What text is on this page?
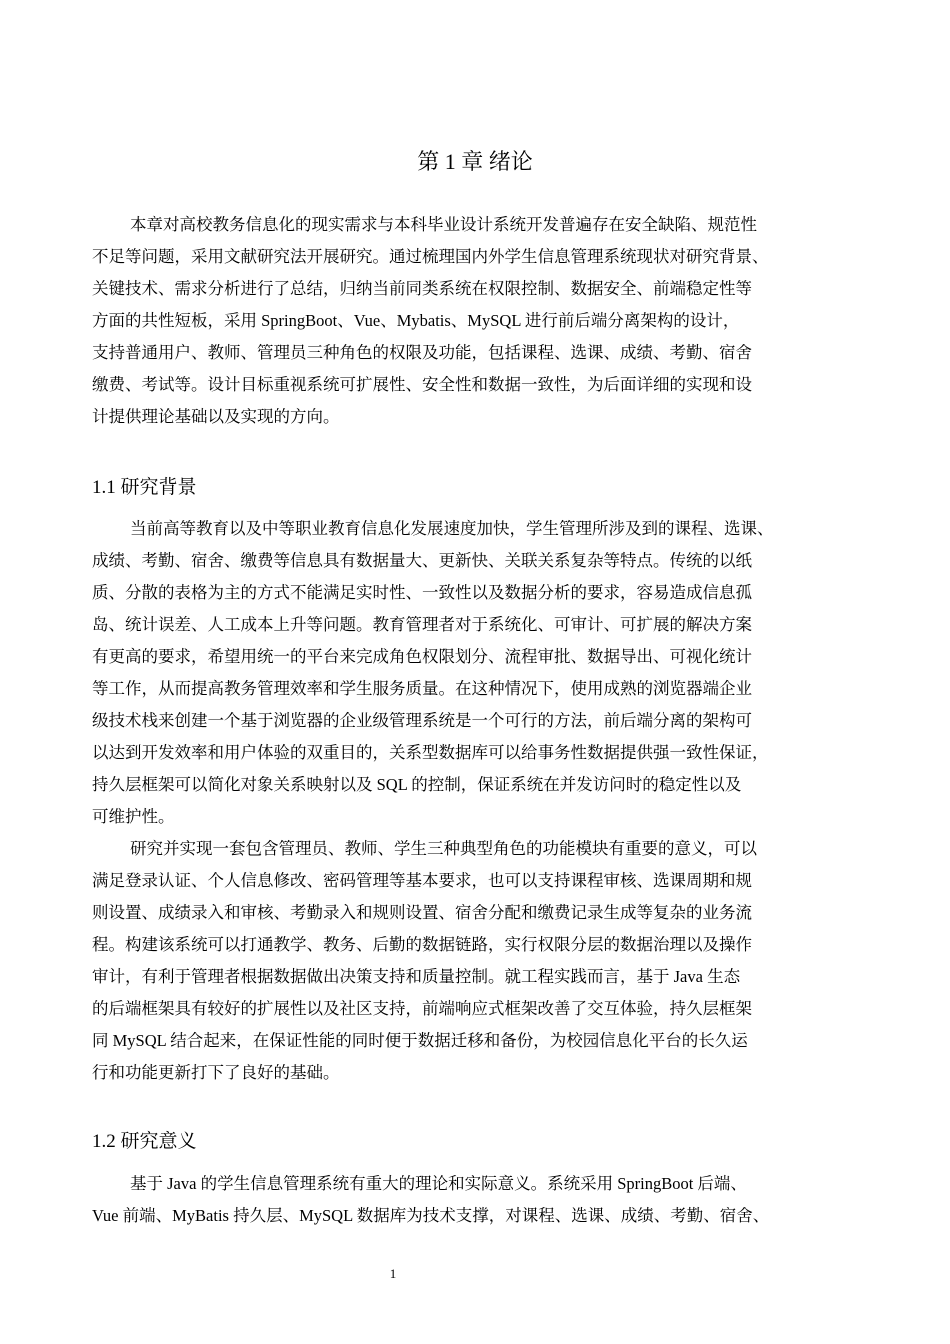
第 1 章 绪论
本章对高校教务信息化的现实需求与本科毕业设计系统开发普遍存在安全缺陷、规范性
不足等问题，采用文献研究法开展研究。通过梳理国内外学生信息管理系统现状对研究背景、
关键技术、需求分析进行了总结，归纳当前同类系统在权限控制、数据安全、前端稳定性等
方面的共性短板，采用 SpringBoot、Vue、Mybatis、MySQL 进行前后端分离架构的设计，
支持普通用户、教师、管理员三种角色的权限及功能，包括课程、选课、成绩、考勤、宿舍
缴费、考试等。设计目标重视系统可扩展性、安全性和数据一致性，为后面详细的实现和设
计提供理论基础以及实现的方向。
1.1 研究背景
当前高等教育以及中等职业教育信息化发展速度加快，学生管理所涉及到的课程、选课、
成绩、考勤、宿舍、缴费等信息具有数据量大、更新快、关联关系复杂等特点。传统的以纸
质、分散的表格为主的方式不能满足实时性、一致性以及数据分析的要求，容易造成信息孤
岛、统计误差、人工成本上升等问题。教育管理者对于系统化、可审计、可扩展的解决方案
有更高的要求，希望用统一的平台来完成角色权限划分、流程审批、数据导出、可视化统计
等工作，从而提高教务管理效率和学生服务质量。在这种情况下，使用成熟的浏览器端企业
级技术栈来创建一个基于浏览器的企业级管理系统是一个可行的方法，前后端分离的架构可
以达到开发效率和用户体验的双重目的，关系型数据库可以给事务性数据提供强一致性保证，
持久层框架可以简化对象关系映射以及 SQL 的控制，保证系统在并发访问时的稳定性以及
可维护性。
研究并实现一套包含管理员、教师、学生三种典型角色的功能模块有重要的意义，可以
满足登录认证、个人信息修改、密码管理等基本要求，也可以支持课程审核、选课周期和规
则设置、成绩录入和审核、考勤录入和规则设置、宿舍分配和缴费记录生成等复杂的业务流
程。构建该系统可以打通教学、教务、后勤的数据链路，实行权限分层的数据治理以及操作
审计，有利于管理者根据数据做出决策支持和质量控制。就工程实践而言，基于 Java 生态
的后端框架具有较好的扩展性以及社区支持，前端响应式框架改善了交互体验，持久层框架
同 MySQL 结合起来，在保证性能的同时便于数据迁移和备份，为校园信息化平台的长久运
行和功能更新打下了良好的基础。
1.2 研究意义
基于 Java 的学生信息管理系统有重大的理论和实际意义。系统采用 SpringBoot 后端、
Vue 前端、MyBatis 持久层、MySQL 数据库为技术支撑，对课程、选课、成绩、考勤、宿舍、
1
